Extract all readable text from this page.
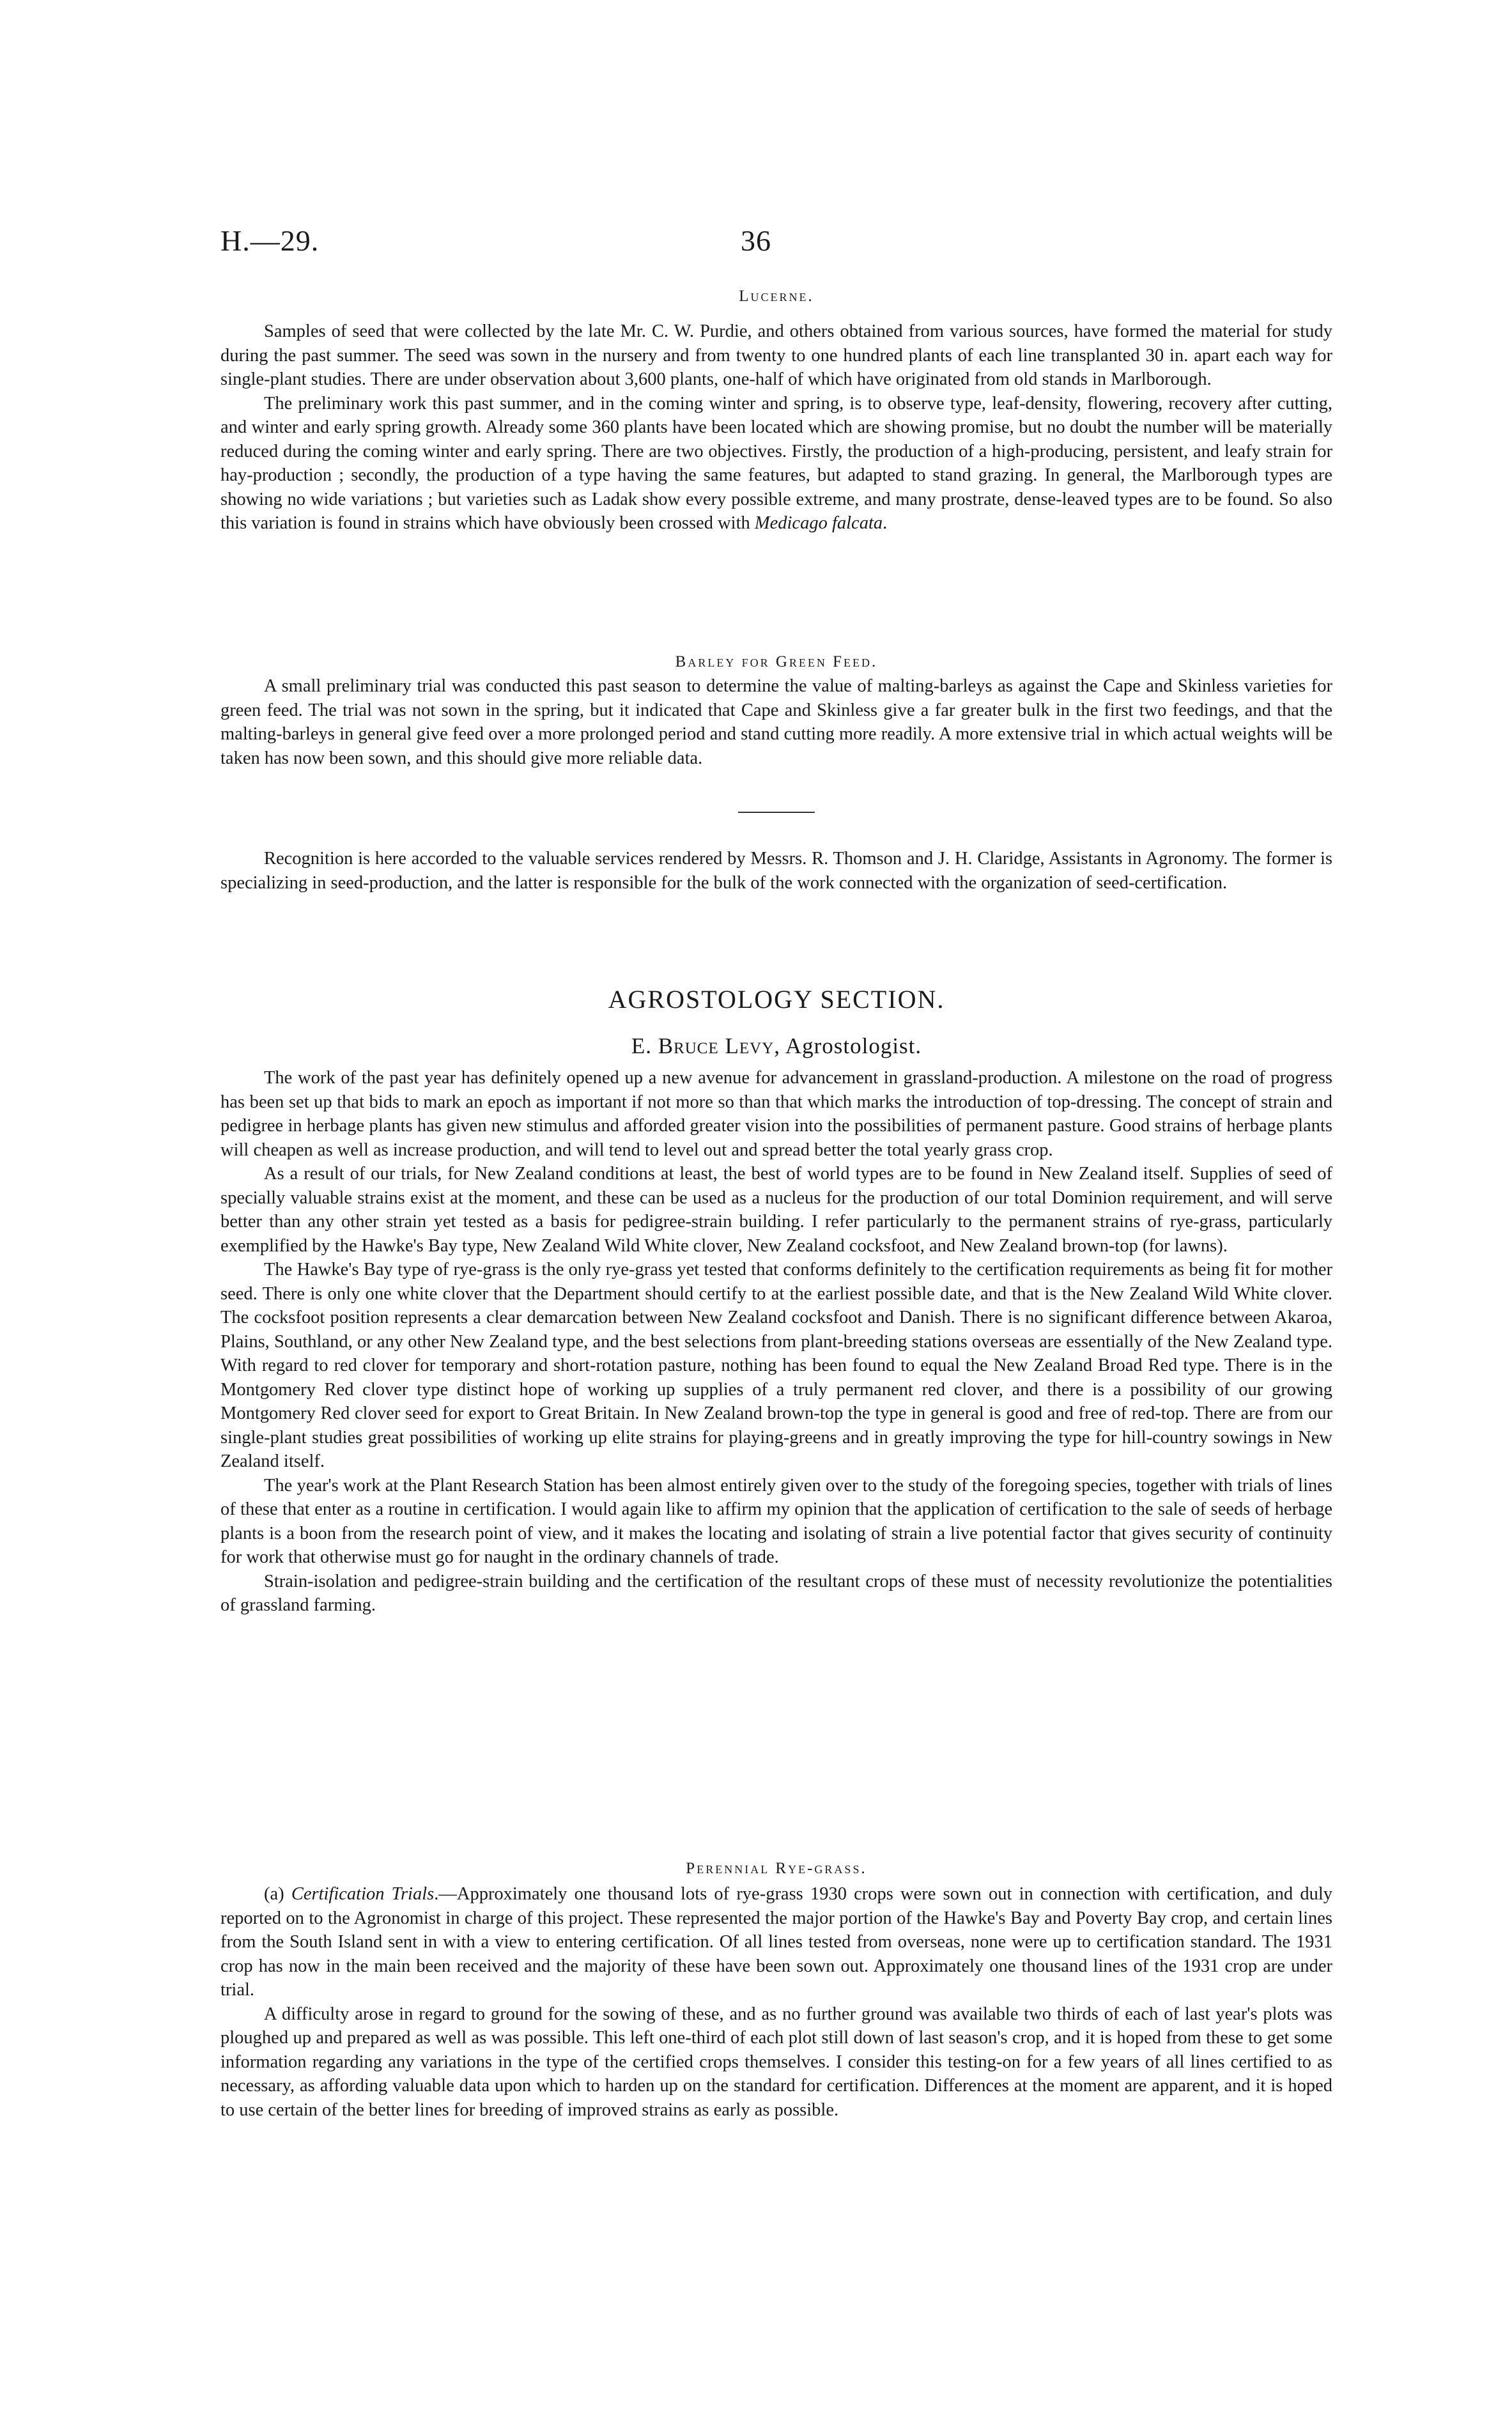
H.—29.	36

Lucerne.

Samples of seed that were collected by the late Mr. C. W. Purdie, and others obtained from various sources, have formed the material for study during the past summer. The seed was sown in the nursery and from twenty to one hundred plants of each line transplanted 30 in. apart each way for single-plant studies. There are under observation about 3,600 plants, one-half of which have originated from old stands in Marlborough.

The preliminary work this past summer, and in the coming winter and spring, is to observe type, leaf-density, flowering, recovery after cutting, and winter and early spring growth. Already some 360 plants have been located which are showing promise, but no doubt the number will be materially reduced during the coming winter and early spring. There are two objectives. Firstly, the production of a high-producing, persistent, and leafy strain for hay-production ; secondly, the production of a type having the same features, but adapted to stand grazing. In general, the Marlborough types are showing no wide variations ; but varieties such as Ladak show every possible extreme, and many prostrate, dense-leaved types are to be found. So also this variation is found in strains which have obviously been crossed with Medicago falcata.

Barley for Green Feed.

A small preliminary trial was conducted this past season to determine the value of malting-barleys as against the Cape and Skinless varieties for green feed. The trial was not sown in the spring, but it indicated that Cape and Skinless give a far greater bulk in the first two feedings, and that the malting-barleys in general give feed over a more prolonged period and stand cutting more readily. A more extensive trial in which actual weights will be taken has now been sown, and this should give more reliable data.

Recognition is here accorded to the valuable services rendered by Messrs. R. Thomson and J. H. Claridge, Assistants in Agronomy. The former is specializing in seed-production, and the latter is responsible for the bulk of the work connected with the organization of seed-certification.

AGROSTOLOGY SECTION.

E. Bruce Levy, Agrostologist.

The work of the past year has definitely opened up a new avenue for advancement in grassland-production. A milestone on the road of progress has been set up that bids to mark an epoch as important if not more so than that which marks the introduction of top-dressing. The concept of strain and pedigree in herbage plants has given new stimulus and afforded greater vision into the possibilities of permanent pasture. Good strains of herbage plants will cheapen as well as increase production, and will tend to level out and spread better the total yearly grass crop.

As a result of our trials, for New Zealand conditions at least, the best of world types are to be found in New Zealand itself. Supplies of seed of specially valuable strains exist at the moment, and these can be used as a nucleus for the production of our total Dominion requirement, and will serve better than any other strain yet tested as a basis for pedigree-strain building. I refer particularly to the permanent strains of rye-grass, particularly exemplified by the Hawke's Bay type, New Zealand Wild White clover, New Zealand cocksfoot, and New Zealand brown-top (for lawns).

The Hawke's Bay type of rye-grass is the only rye-grass yet tested that conforms definitely to the certification requirements as being fit for mother seed. There is only one white clover that the Department should certify to at the earliest possible date, and that is the New Zealand Wild White clover. The cocksfoot position represents a clear demarcation between New Zealand cocksfoot and Danish. There is no significant difference between Akaroa, Plains, Southland, or any other New Zealand type, and the best selections from plant-breeding stations overseas are essentially of the New Zealand type. With regard to red clover for temporary and short-rotation pasture, nothing has been found to equal the New Zealand Broad Red type. There is in the Montgomery Red clover type distinct hope of working up supplies of a truly permanent red clover, and there is a possibility of our growing Montgomery Red clover seed for export to Great Britain. In New Zealand brown-top the type in general is good and free of red-top. There are from our single-plant studies great possibilities of working up elite strains for playing-greens and in greatly improving the type for hill-country sowings in New Zealand itself.

The year's work at the Plant Research Station has been almost entirely given over to the study of the foregoing species, together with trials of lines of these that enter as a routine in certification. I would again like to affirm my opinion that the application of certification to the sale of seeds of herbage plants is a boon from the research point of view, and it makes the locating and isolating of strain a live potential factor that gives security of continuity for work that otherwise must go for naught in the ordinary channels of trade.

Strain-isolation and pedigree-strain building and the certification of the resultant crops of these must of necessity revolutionize the potentialities of grassland farming.

Perennial Rye-grass.

(a) Certification Trials.—Approximately one thousand lots of rye-grass 1930 crops were sown out in connection with certification, and duly reported on to the Agronomist in charge of this project. These represented the major portion of the Hawke's Bay and Poverty Bay crop, and certain lines from the South Island sent in with a view to entering certification. Of all lines tested from overseas, none were up to certification standard. The 1931 crop has now in the main been received and the majority of these have been sown out. Approximately one thousand lines of the 1931 crop are under trial.

A difficulty arose in regard to ground for the sowing of these, and as no further ground was available two thirds of each of last year's plots was ploughed up and prepared as well as was possible. This left one-third of each plot still down of last season's crop, and it is hoped from these to get some information regarding any variations in the type of the certified crops themselves. I consider this testing-on for a few years of all lines certified to as necessary, as affording valuable data upon which to harden up on the standard for certification. Differences at the moment are apparent, and it is hoped to use certain of the better lines for breeding of improved strains as early as possible.
